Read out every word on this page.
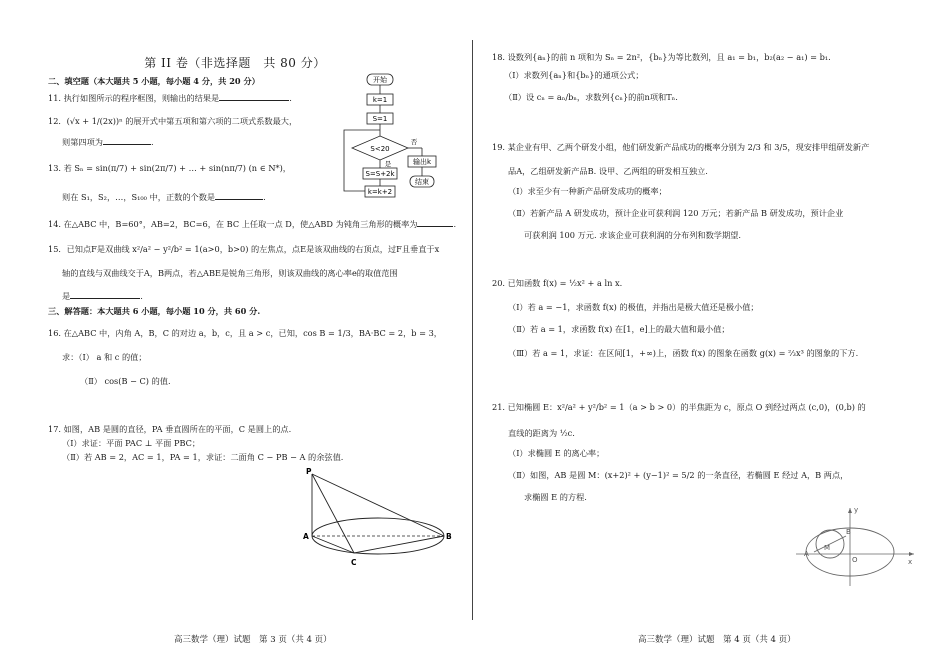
第 II 卷（非选择题　共 80 分）
二、填空题（本大题共 5 小题，每小题 4 分，共 20 分）
11. 执行如图所示的程序框图，则输出的结果是	.
12．(√x + 1/(2x))ⁿ 的展开式中第五项和第六项的二项式系数最大，
则第四项为	.
13. 若 Sₙ = sin(π/7) + sin(2π/7) + … + sin(nπ/7) (n ∈ N*)，
则在 S₁，S₂，…，S₁₀₀ 中，正数的个数是	.
14. 在△ABC 中，B=60°，AB=2，BC=6，在 BC 上任取一点 D，使△ABD 为钝角三角形的概率为	.
15．已知点F是双曲线 x²/a² − y²/b² = 1(a>0，b>0) 的左焦点，点E是该双曲线的右顶点，过F且垂直于x
轴的直线与双曲线交于A，B两点，若△ABE是锐角三角形，则该双曲线的离心率e的取值范围
是	.
三、解答题：本大题共 6 小题，每小题 10 分，共 60 分.
16. 在△ABC 中，内角 A，B，C 的对边 a，b，c，且 a > c，已知，cos B = 1/3，BA·BC = 2，b = 3，
求：（Ⅰ） a 和 c 的值；
（Ⅱ） cos(B − C) 的值.
17. 如图，AB 是圆的直径，PA 垂直圆所在的平面，C 是圆上的点.
（Ⅰ）求证：平面 PAC ⊥ 平面 PBC；
（Ⅱ）若 AB = 2，AC = 1，PA = 1，求证：二面角 C − PB − A 的余弦值.
开始
k=1
S=1
S<20
否
输出k
结束
是
S=S+2k
k=k+2
P
A	B
C
高三数学（理）试题　第 3 页（共 4 页）
18. 设数列{aₙ}的前 n 项和为 Sₙ = 2n²，{bₙ}为等比数列，且 a₁ = b₁，b₂(a₂ − a₁) = b₁.
（Ⅰ）求数列{aₙ}和{bₙ}的通项公式；
（Ⅱ）设 cₙ = aₙ/bₙ，求数列{cₙ}的前n项和Tₙ.
19. 某企业有甲、乙两个研发小组，他们研发新产品成功的概率分别为 2/3 和 3/5，现安排甲组研发新产
品A，乙组研发新产品B. 设甲、乙两组的研发相互独立.
（Ⅰ）求至少有一种新产品研发成功的概率；
（Ⅱ）若新产品 A 研发成功，预计企业可获利润 120 万元；若新产品 B 研发成功，预计企业
可获利润 100 万元. 求该企业可获利润的分布列和数学期望.
20. 已知函数 f(x) = ½x² + a ln x.
（Ⅰ）若 a = −1，求函数 f(x) 的极值，并指出是极大值还是极小值；
（Ⅱ）若 a = 1，求函数 f(x) 在[1，e]上的最大值和最小值；
（Ⅲ）若 a = 1，求证：在区间[1，+∞)上，函数 f(x) 的图象在函数 g(x) = ⅔x³ 的图象的下方.
21. 已知椭圆 E：x²/a² + y²/b² = 1（a > b > 0）的半焦距为 c，原点 O 到经过两点 (c,0)，(0,b) 的
直线的距离为 ½c.
（Ⅰ）求椭圆 E 的离心率；
（Ⅱ）如图，AB 是圆 M：(x+2)² + (y−1)² = 5/2 的一条直径，若椭圆 E 经过 A，B 两点，
求椭圆 E 的方程.
y
x
O
M
A
B
高三数学（理）试题　第 4 页（共 4 页）
